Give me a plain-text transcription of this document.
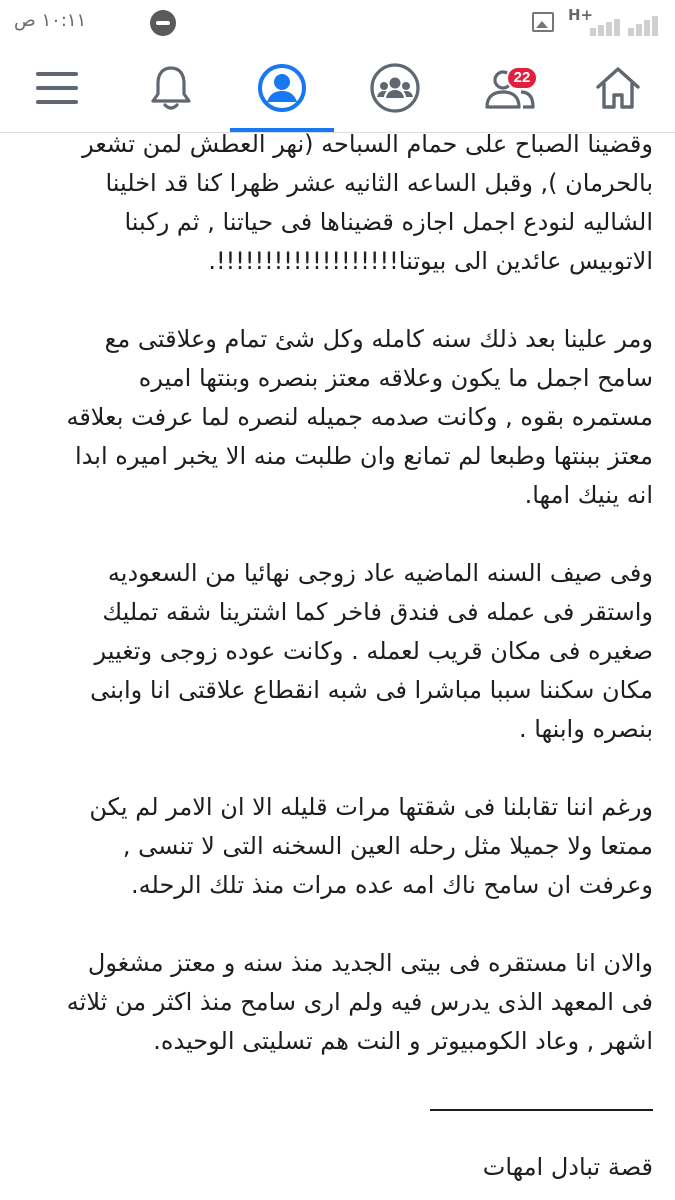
١٠:١١ ص	H+
22

وقضينا الصباح على حمام السباحه (نهر العطش لمن تشعر
بالحرمان ), وقبل الساعه الثانيه عشر ظهرا كنا قد اخلينا
الشاليه لنودع اجمل اجازه قضيناها فى حياتنا , ثم ركبنا
الاتوبيس عائدين الى بيوتنا!!!!!!!!!!!!!!!!!!!.

ومر علينا بعد ذلك سنه كامله وكل شئ تمام وعلاقتى مع
سامح اجمل ما يكون وعلاقه معتز بنصره وبنتها اميره
مستمره بقوه , وكانت صدمه جميله لنصره لما عرفت بعلاقه
معتز ببنتها وطبعا لم تمانع وان طلبت منه الا يخبر اميره ابدا
انه ينيك امها.

وفى صيف السنه الماضيه عاد زوجى نهائيا من السعوديه
واستقر فى عمله فى فندق فاخر كما اشترينا شقه تمليك
صغيره فى مكان قريب لعمله . وكانت عوده زوجى وتغيير
مكان سكننا سببا مباشرا فى شبه انقطاع علاقتى انا وابنى
بنصره وابنها .

ورغم اننا تقابلنا فى شقتها مرات قليله الا ان الامر لم يكن
ممتعا ولا جميلا مثل رحله العين السخنه التى لا تنسى ,
وعرفت ان سامح ناك امه عده مرات منذ تلك الرحله.

والان انا مستقره فى بيتى الجديد منذ سنه و معتز مشغول
فى المعهد الذى يدرس فيه ولم ارى سامح منذ اكثر من ثلاثه
اشهر , وعاد الكومبيوتر و النت هم تسليتى الوحيده.

قصة تبادل امهات
